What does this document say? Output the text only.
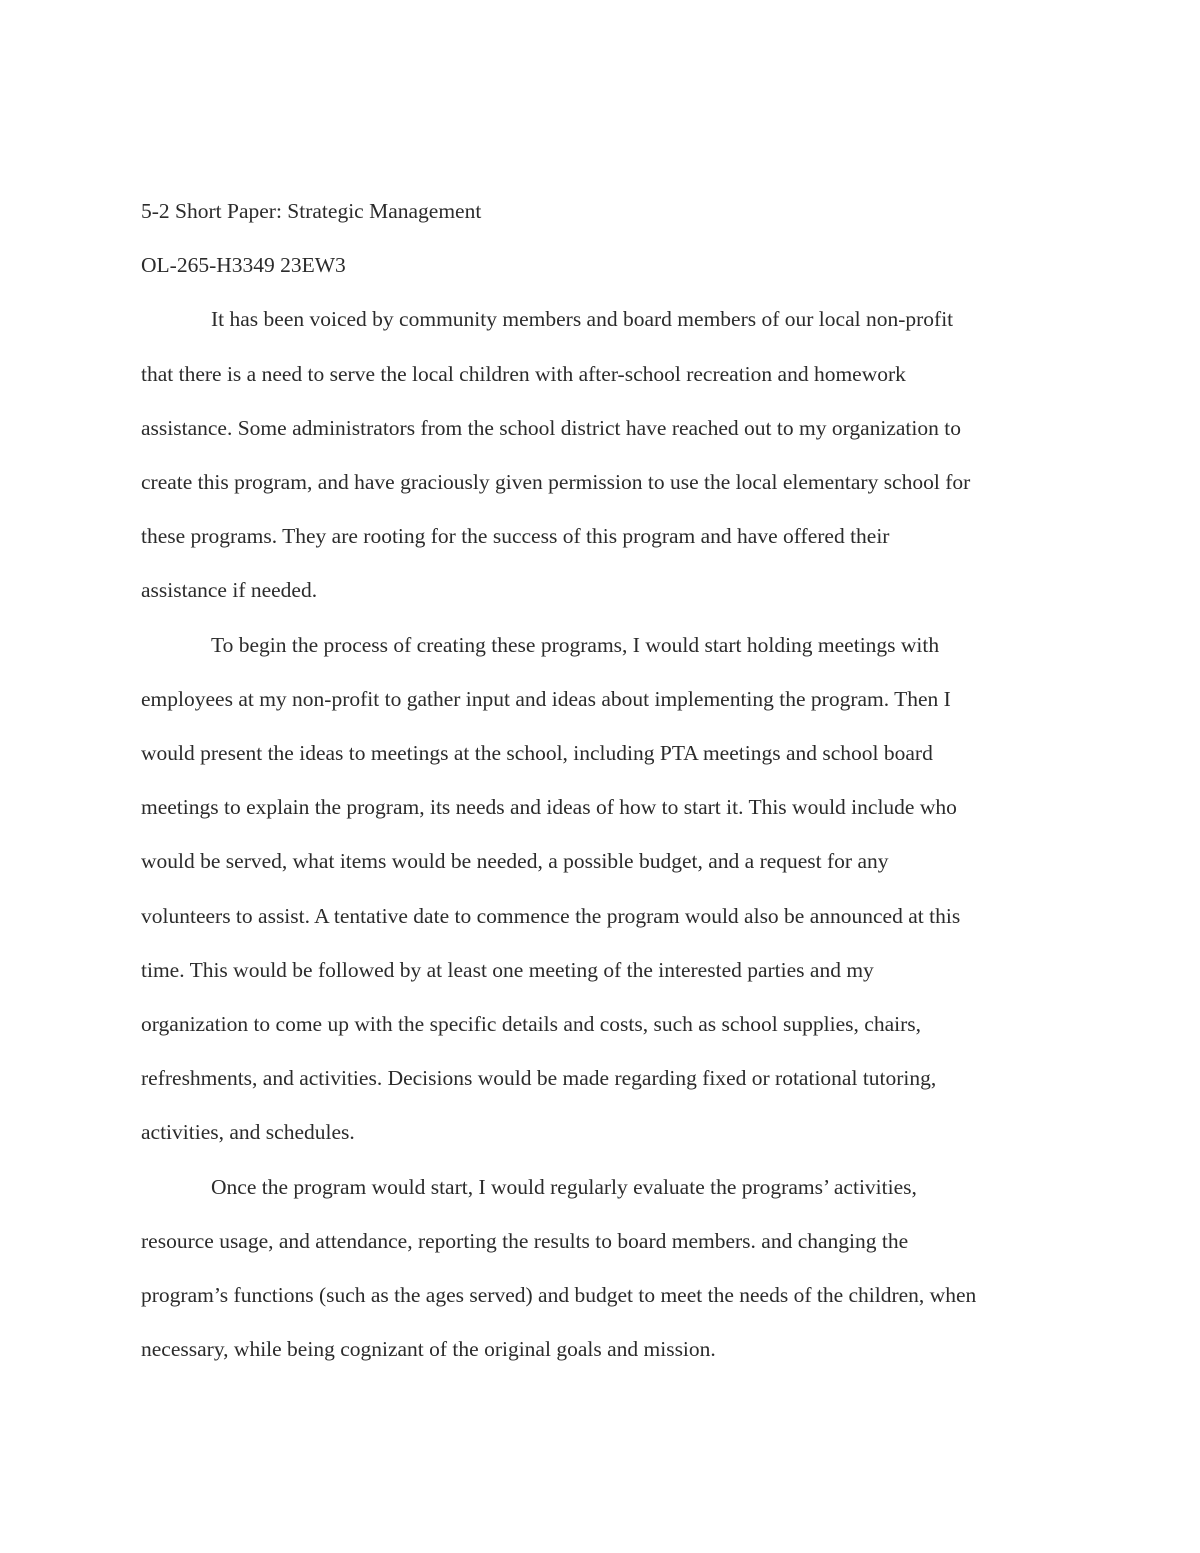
5-2 Short Paper: Strategic Management

OL-265-H3349 23EW3

It has been voiced by community members and board members of our local non-profit
that there is a need to serve the local children with after-school recreation and homework
assistance. Some administrators from the school district have reached out to my organization to
create this program, and have graciously given permission to use the local elementary school for
these programs. They are rooting for the success of this program and have offered their
assistance if needed.
To begin the process of creating these programs, I would start holding meetings with
employees at my non-profit to gather input and ideas about implementing the program. Then I
would present the ideas to meetings at the school, including PTA meetings and school board
meetings to explain the program, its needs and ideas of how to start it. This would include who
would be served, what items would be needed, a possible budget, and a request for any
volunteers to assist. A tentative date to commence the program would also be announced at this
time. This would be followed by at least one meeting of the interested parties and my
organization to come up with the specific details and costs, such as school supplies, chairs,
refreshments, and activities. Decisions would be made regarding fixed or rotational tutoring,
activities, and schedules.
Once the program would start, I would regularly evaluate the programs’ activities,
resource usage, and attendance, reporting the results to board members. and changing the
program’s functions (such as the ages served) and budget to meet the needs of the children, when
necessary, while being cognizant of the original goals and mission.
